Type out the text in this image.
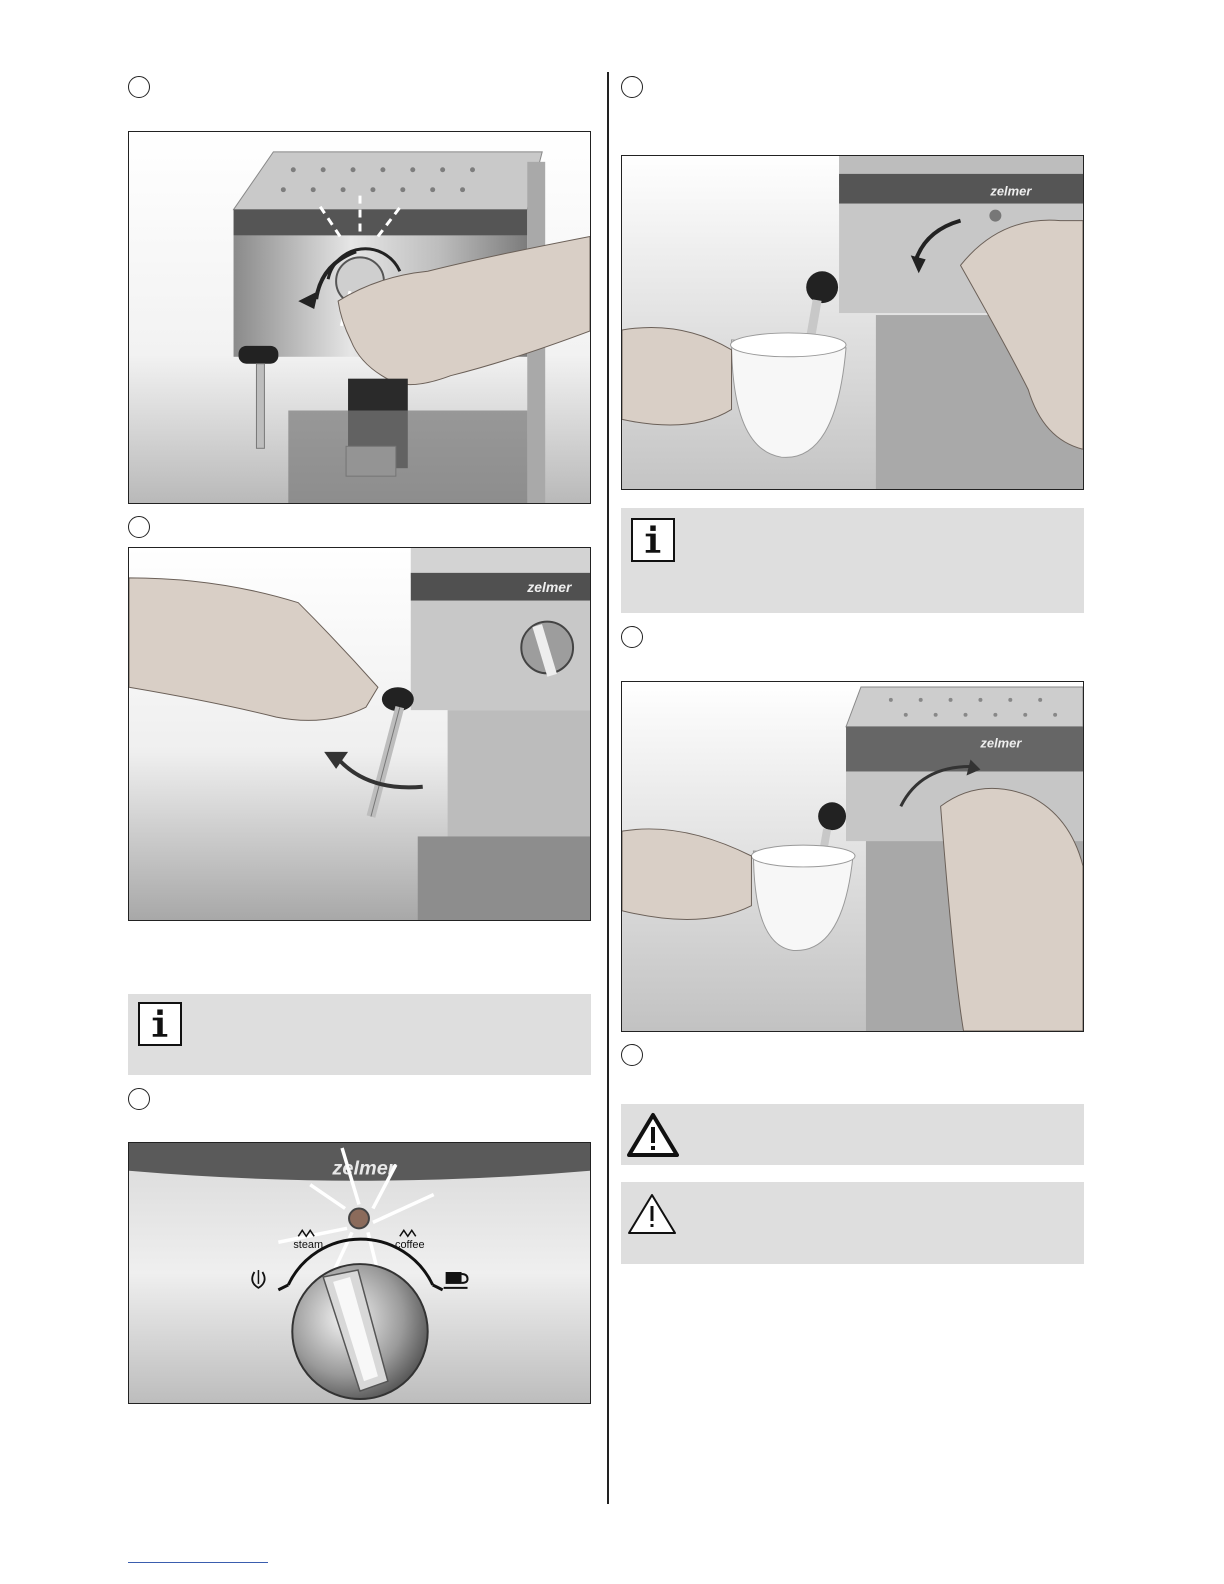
zelmer
zelmer
steam	coffee
zelmer
zelmer
